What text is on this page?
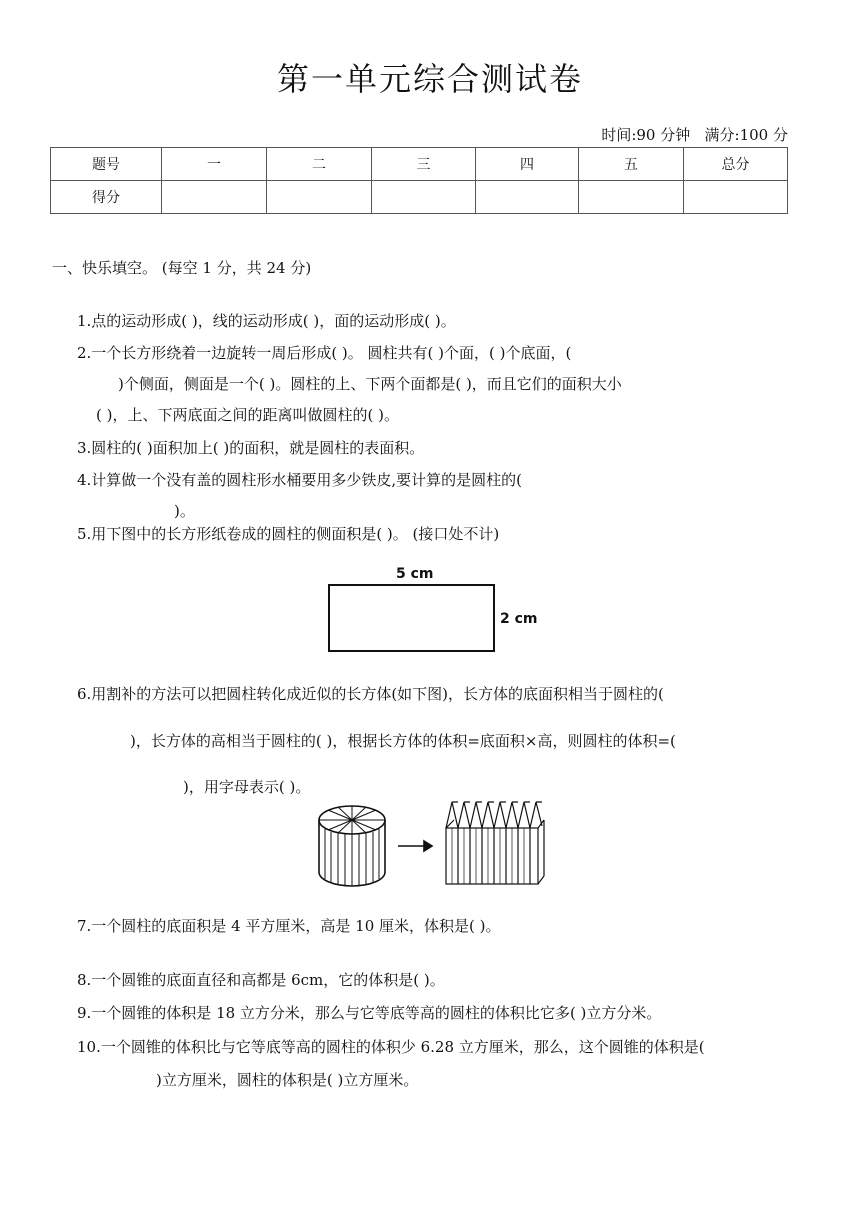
第一单元综合测试卷
时间:90 分钟   满分:100 分
题号	一	二	三	四	五	总分
得分						
一、快乐填空。 (每空 1 分，共 24 分)
1.点的运动形成( )，线的运动形成( )，面的运动形成( )。
2.一个长方形绕着一边旋转一周后形成( )。 圆柱共有( )个面，( )个底面，(
)个侧面，侧面是一个( )。圆柱的上、下两个面都是( )，而且它们的面积大小
( )，上、下两底面之间的距离叫做圆柱的( )。
3.圆柱的( )面积加上( )的面积，就是圆柱的表面积。
4.计算做一个没有盖的圆柱形水桶要用多少铁皮,要计算的是圆柱的(
)。
5.用下图中的长方形纸卷成的圆柱的侧面积是( )。 (接口处不计)
5 cm
2 cm
6.用割补的方法可以把圆柱转化成近似的长方体(如下图)，长方体的底面积相当于圆柱的(
)，长方体的高相当于圆柱的( )，根据长方体的体积=底面积×高，则圆柱的体积=(
)，用字母表示( )。
7.一个圆柱的底面积是 4 平方厘米，高是 10 厘米，体积是( )。
8.一个圆锥的底面直径和高都是 6cm，它的体积是( )。
9.一个圆锥的体积是 18 立方分米，那么与它等底等高的圆柱的体积比它多( )立方分米。
10.一个圆锥的体积比与它等底等高的圆柱的体积少 6.28 立方厘米，那么，这个圆锥的体积是(
)立方厘米，圆柱的体积是( )立方厘米。
